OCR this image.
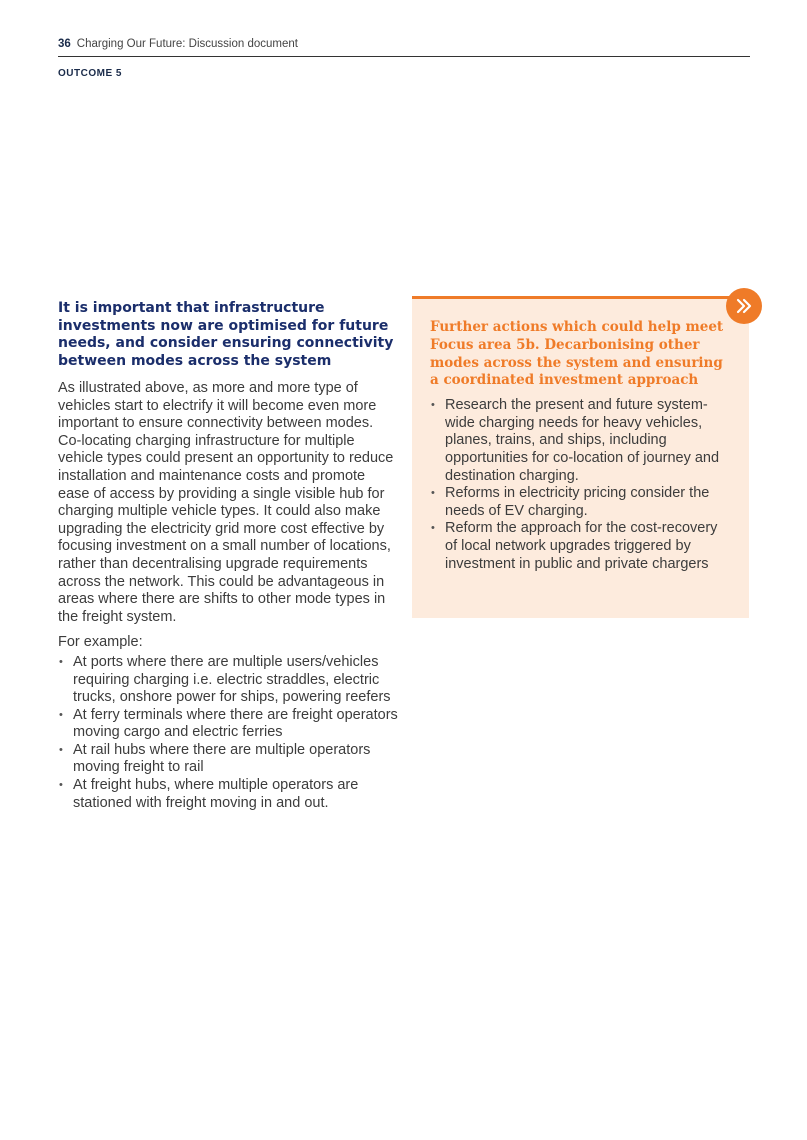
36 Charging Our Future: Discussion document
OUTCOME 5
It is important that infrastructure investments now are optimised for future needs, and consider ensuring connectivity between modes across the system

As illustrated above, as more and more type of vehicles start to electrify it will become even more important to ensure connectivity between modes. Co-locating charging infrastructure for multiple vehicle types could present an opportunity to reduce installation and maintenance costs and promote ease of access by providing a single visible hub for charging multiple vehicle types. It could also make upgrading the electricity grid more cost effective by focusing investment on a small number of locations, rather than decentralising upgrade requirements across the network. This could be advantageous in areas where there are shifts to other mode types in the freight system.

For example:

• At ports where there are multiple users/vehicles requiring charging i.e. electric straddles, electric trucks, onshore power for ships, powering reefers
• At ferry terminals where there are freight operators moving cargo and electric ferries
• At rail hubs where there are multiple operators moving freight to rail
• At freight hubs, where multiple operators are stationed with freight moving in and out.
Further actions which could help meet Focus area 5b. Decarbonising other modes across the system and ensuring a coordinated investment approach
• Research the present and future system-wide charging needs for heavy vehicles, planes, trains, and ships, including opportunities for co-location of journey and destination charging.
• Reforms in electricity pricing consider the needs of EV charging.
• Reform the approach for the cost-recovery of local network upgrades triggered by investment in public and private chargers
